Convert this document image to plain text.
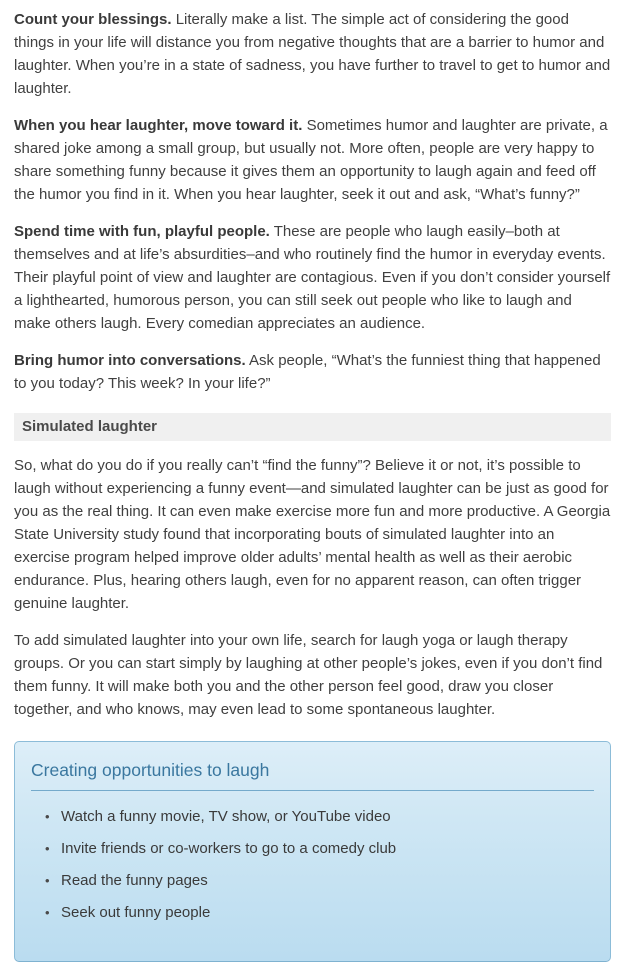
Count your blessings. Literally make a list. The simple act of considering the good things in your life will distance you from negative thoughts that are a barrier to humor and laughter. When you’re in a state of sadness, you have further to travel to get to humor and laughter.

When you hear laughter, move toward it. Sometimes humor and laughter are private, a shared joke among a small group, but usually not. More often, people are very happy to share something funny because it gives them an opportunity to laugh again and feed off the humor you find in it. When you hear laughter, seek it out and ask, “What’s funny?”

Spend time with fun, playful people. These are people who laugh easily–both at themselves and at life’s absurdities–and who routinely find the humor in everyday events. Their playful point of view and laughter are contagious. Even if you don’t consider yourself a lighthearted, humorous person, you can still seek out people who like to laugh and make others laugh. Every comedian appreciates an audience.

Bring humor into conversations. Ask people, “What’s the funniest thing that happened to you today? This week? In your life?”

Simulated laughter

So, what do you do if you really can’t “find the funny”? Believe it or not, it’s possible to laugh without experiencing a funny event—and simulated laughter can be just as good for you as the real thing. It can even make exercise more fun and more productive. A Georgia State University study found that incorporating bouts of simulated laughter into an exercise program helped improve older adults’ mental health as well as their aerobic endurance. Plus, hearing others laugh, even for no apparent reason, can often trigger genuine laughter.

To add simulated laughter into your own life, search for laugh yoga or laugh therapy groups. Or you can start simply by laughing at other people’s jokes, even if you don’t find them funny. It will make both you and the other person feel good, draw you closer together, and who knows, may even lead to some spontaneous laughter.

Creating opportunities to laugh
• Watch a funny movie, TV show, or YouTube video
• Invite friends or co-workers to go to a comedy club
• Read the funny pages
• Seek out funny people
